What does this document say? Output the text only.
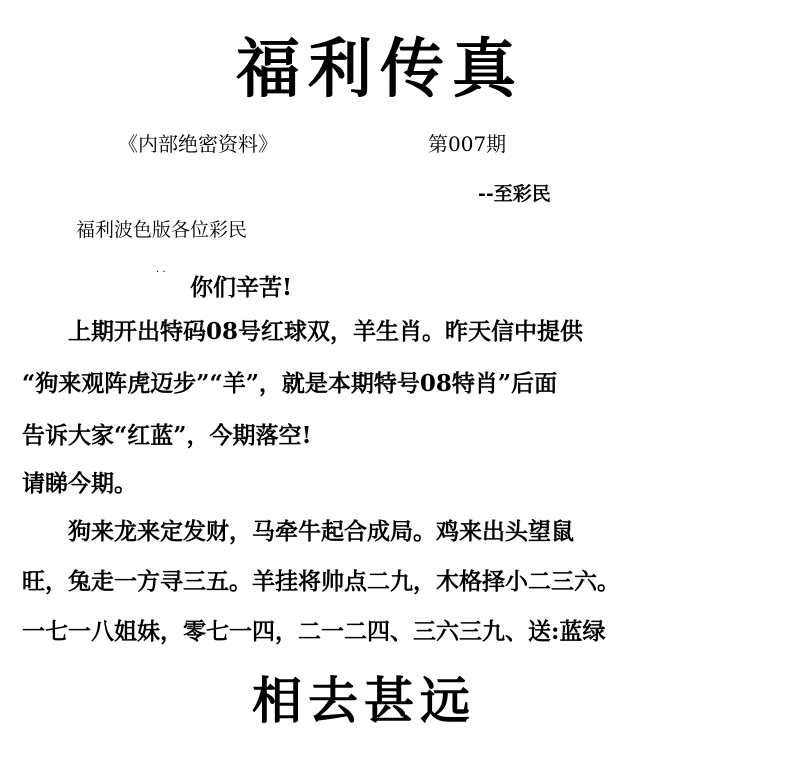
福利传真
《内部绝密资料》	第007期
--至彩民
福利波色版各位彩民
· ·
你们辛苦!
　　上期开出特码08号红球双，羊生肖。昨天信中提供
“狗来观阵虎迈步”“羊”，就是本期特号08特肖”后面
告诉大家“红蓝”，今期落空!
请睇今期。
　　狗来龙来定发财，马牵牛起合成局。鸡来出头望鼠
旺，兔走一方寻三五。羊挂将帅点二九，木格择小二三六。
一七一八姐妹，零七一四，二一二四、三六三九、送:蓝绿
相去甚远
